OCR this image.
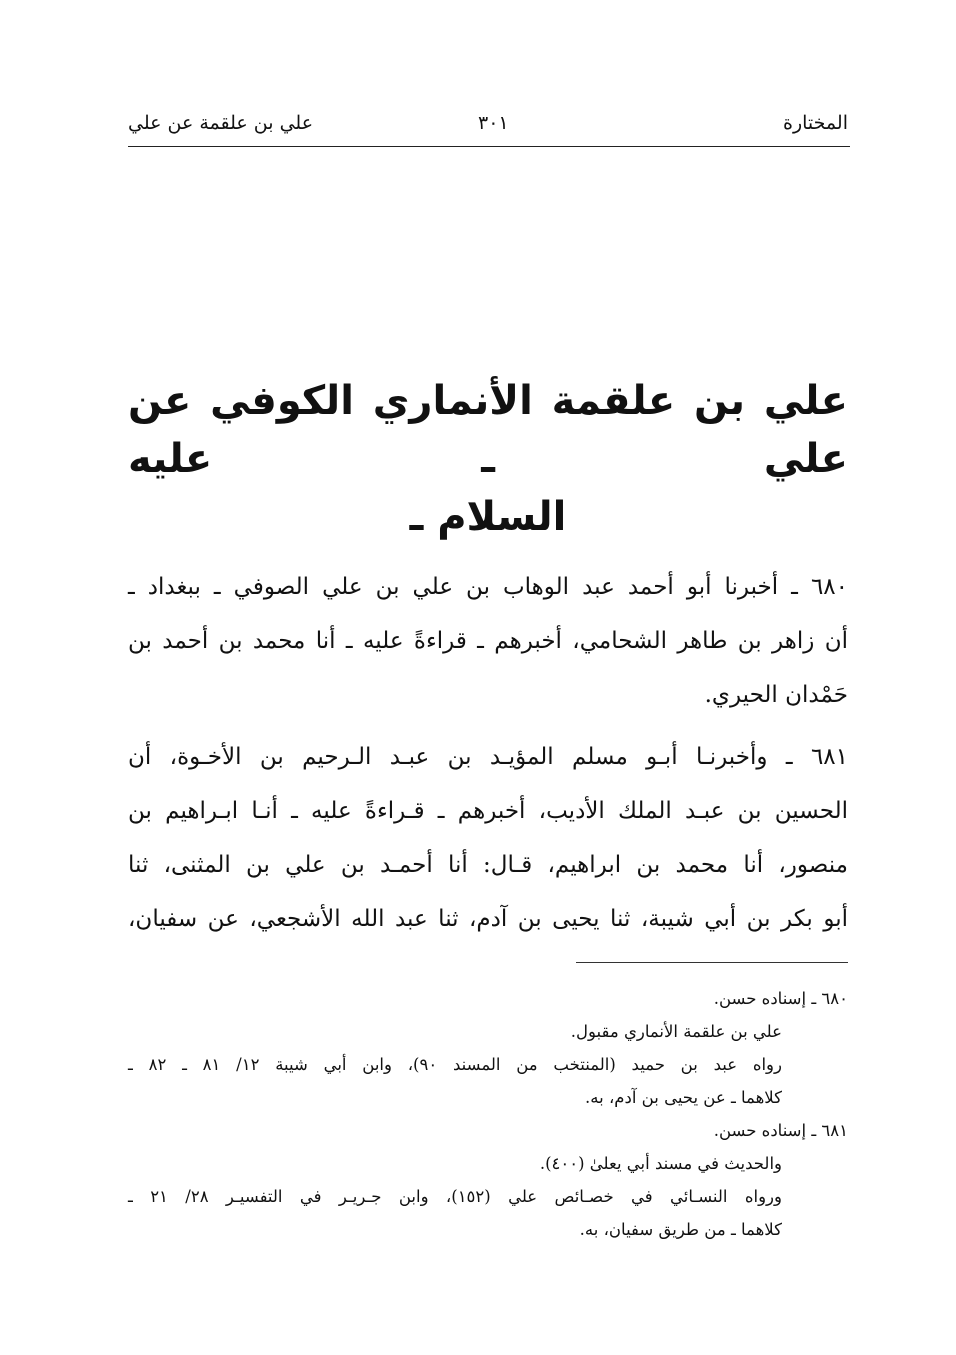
المختارة
٣٠١
علي بن علقمة عن علي
علي بن علقمة الأنماري الكوفي عن علي ـ عليه
السلام ـ
٦٨٠ ـ أخبرنا أبو أحمد عبد الوهاب بن علي بن علي الصوفي ـ ببغداد ـ
أن زاهر بن طاهر الشحامي، أخبرهم ـ قراءةً عليه ـ أنا محمد بن أحمد بن
حَمْدان الحيري.
٦٨١ ـ وأخبرنـا أبـو مسلم المؤيـد بن عبـد الـرحيم بن الأخـوة، أن
الحسين بن عبـد الملك الأديب، أخبرهم ـ قـراءةً عليه ـ أنـا ابـراهيم بن
منصور، أنا محمد بن ابراهيم، قـال: أنا أحمـد بن علي بن المثنى، ثنا
أبو بكر بن أبي شيبة، ثنا يحيى بن آدم، ثنا عبد الله الأشجعي، عن سفيان،
٦٨٠ ـ إسناده حسن.
علي بن علقمة الأنماري مقبول.
رواه عبد بن حميد (المنتخب من المسند ٩٠)، وابن أبي شيبة ١٢/ ٨١ ـ ٨٢ ـ
كلاهما ـ عن يحيى بن آدم، به.
٦٨١ ـ إسناده حسن.
والحديث في مسند أبي يعلىٰ (٤٠٠).
ورواه النسـائي في خصـائص علي (١٥٢)، وابن جـريـر في التفسيـر ٢٨/ ٢١ ـ
كلاهما ـ من طريق سفيان، به.
